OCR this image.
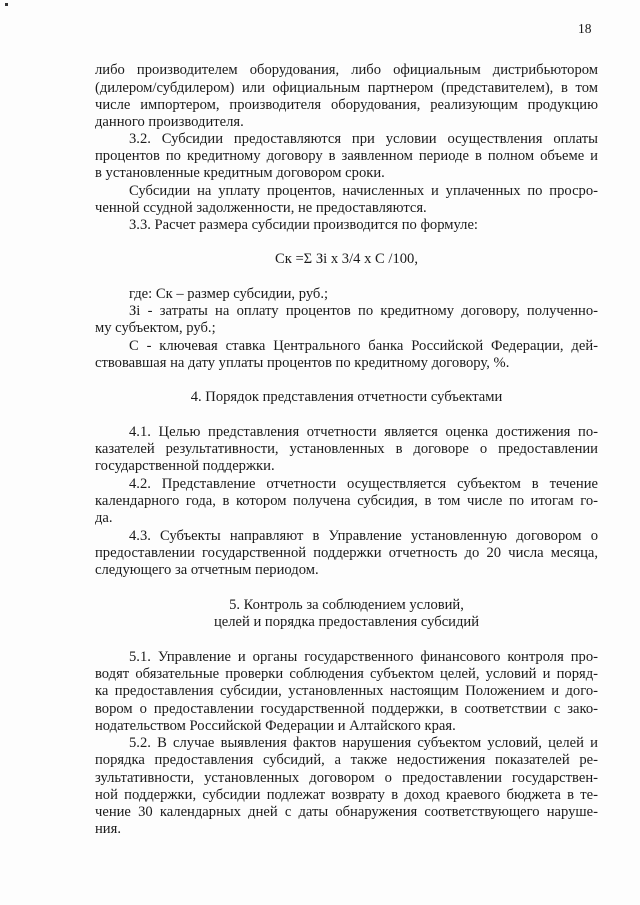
18
либо производителем оборудования, либо официальным дистрибьютором
(дилером/субдилером) или официальным партнером (представителем), в том
числе импортером, производителя оборудования, реализующим продукцию
данного производителя.
3.2. Субсидии предоставляются при условии осуществления оплаты
процентов по кредитному договору в заявленном периоде в полном объеме и
в установленные кредитным договором сроки.
Субсидии на уплату процентов, начисленных и уплаченных по просро-
ченной ссудной задолженности, не предоставляются.
3.3. Расчет размера субсидии производится по формуле:
Ск =Σ Зi x 3/4 x С /100,
где: Ск – размер субсидии, руб.;
Зi - затраты на оплату процентов по кредитному договору, полученно-
му субъектом, руб.;
С - ключевая ставка Центрального банка Российской Федерации, дей-
ствовавшая на дату уплаты процентов по кредитному договору, %.
4. Порядок представления отчетности субъектами
4.1. Целью представления отчетности является оценка достижения по-
казателей результативности, установленных в договоре о предоставлении
государственной поддержки.
4.2. Представление отчетности осуществляется субъектом в течение
календарного года, в котором получена субсидия, в том числе по итогам го-
да.
4.3. Субъекты направляют в Управление установленную договором о
предоставлении государственной поддержки отчетность до 20 числа месяца,
следующего за отчетным периодом.
5. Контроль за соблюдением условий,
целей и порядка предоставления субсидий
5.1. Управление и органы государственного финансового контроля про-
водят обязательные проверки соблюдения субъектом целей, условий и поряд-
ка предоставления субсидии, установленных настоящим Положением и дого-
вором о предоставлении государственной поддержки, в соответствии с зако-
нодательством Российской Федерации и Алтайского края.
5.2. В случае выявления фактов нарушения субъектом условий, целей и
порядка предоставления субсидий, а также недостижения показателей ре-
зультативности, установленных договором о предоставлении государствен-
ной поддержки, субсидии подлежат возврату в доход краевого бюджета в те-
чение 30 календарных дней с даты обнаружения соответствующего наруше-
ния.
